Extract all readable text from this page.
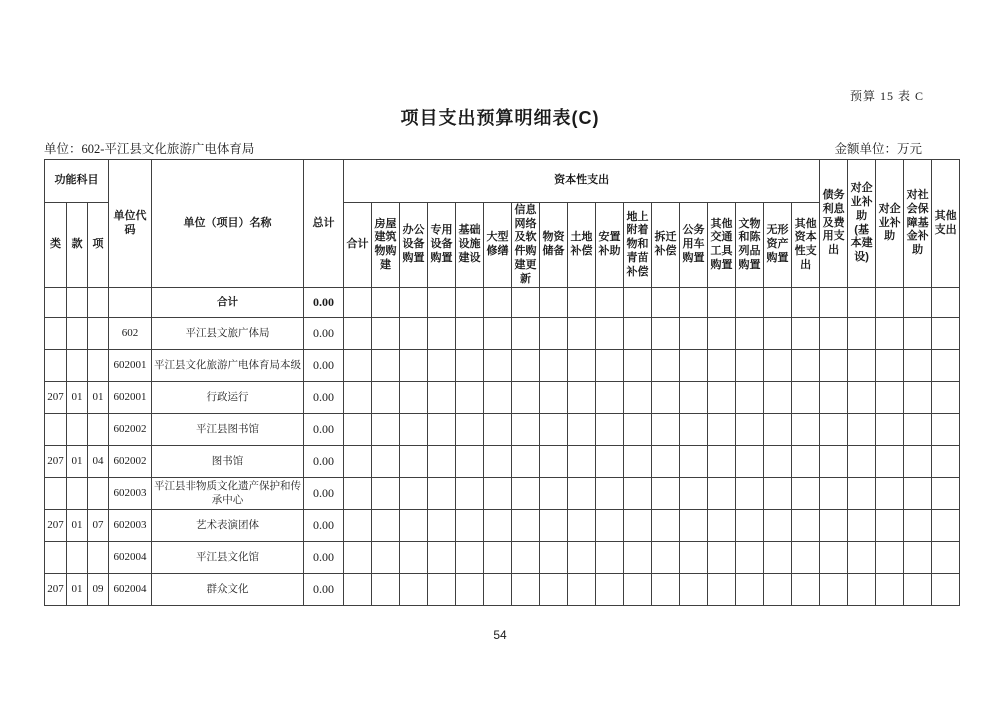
预算 15 表 C
项目支出预算明细表(C)
单位：602-平江县文化旅游广电体育局	金额单位：万元
功能科目			单位代码	单位（项目）名称	总计	资本性支出																	债务利息及费用支出	对企业补助(基本建设)	对企业补助	对社会保障基金补助	其他支出
类	款	项				合计	房屋建筑物购建	办公设备购置	专用设备购置	基础设施建设	大型修缮	信息网络及软件购建更新	物资储备	土地补偿	安置补助	地上附着物和青苗补偿	拆迁补偿	公务用车购置	其他交通工具购置	文物和陈列品购置	无形资产购置	其他资本性支出					
				合计	0.00																						
			602	平江县文旅广体局	0.00																						
			602001	平江县文化旅游广电体育局本级	0.00																						
207	01	01	602001	行政运行	0.00																						
			602002	平江县图书馆	0.00																						
207	01	04	602002	图书馆	0.00																						
			602003	平江县非物质文化遗产保护和传承中心	0.00																						
207	01	07	602003	艺术表演团体	0.00																						
			602004	平江县文化馆	0.00																						
207	01	09	602004	群众文化	0.00																						
54
